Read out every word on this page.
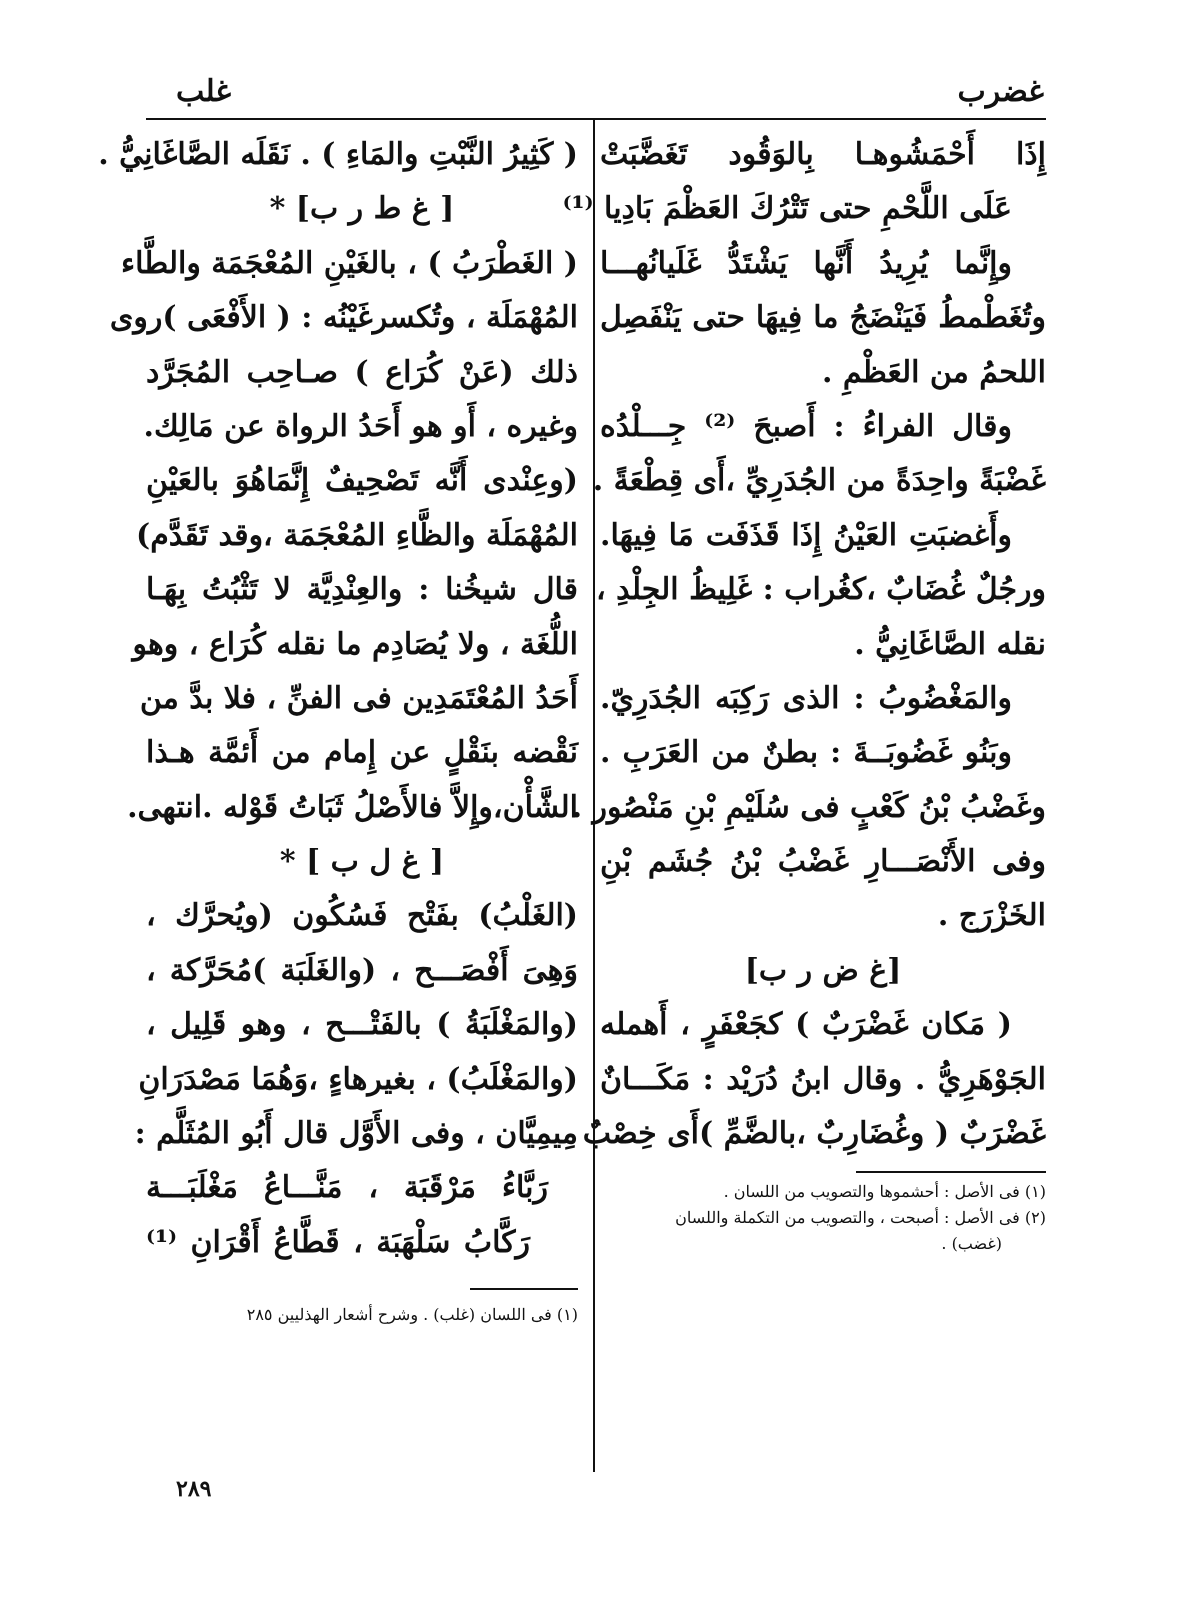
غضرب
غلب
إِذَا أَحْمَشُوهـا بِالوَقُود تَغَضَّبَتْ
عَلَى اللَّحْمِ حتى تَتْرُكَ العَظْمَ بَادِيا ⁽¹⁾
وإِنَّما يُرِيدُ أَنَّها يَشْتَدُّ غَلَيانُهـــا
وتُغَطْمطُ فَيَنْضَجُ ما فِيهَا حتى يَنْفَصِل
اللحمُ من العَظْمِ .
وقال الفراءُ : أَصبحَ ⁽²⁾ جِـــلْدُه
غَضْبَةً واحِدَةً من الجُدَرِيِّ ،أَى قِطْعَةً .
وأَغضبَتِ العَيْنُ إِذَا قَذَفَت مَا فِيهَا.
ورجُلٌ غُضَابٌ ،كغُراب : غَلِيظُ الجِلْدِ ،
نقله الصَّاغَانِيُّ .
والمَغْضُوبُ : الذى رَكِبَه الجُدَرِيّ.
وبَنُو غَضُوبَــةَ : بطنٌ من العَرَبِ .
وغَضْبُ بْنُ كَعْبٍ فى سُلَيْمِ بْنِ مَنْصُور .
وفى الأَنْصَـــارِ غَضْبُ بْنُ جُشَم بْنِ
الخَزْرَج .
[غ ض ر ب]
( مَكان غَضْرَبٌ ) كجَعْفَرٍ ، أَهمله
الجَوْهَرِيُّ . وقال ابنُ دُرَيْد : مَكَـــانٌ
غَضْرَبٌ ( وغُضَارِبٌ ،بالضَّمِّ )أَى خِصْبٌ
(١) فى الأصل : أحشموها والتصويب من اللسان .
(٢) فى الأصل : أصبحت ، والتصويب من التكملة واللسان
(غضب) .
( كَثِيرُ النَّبْتِ والمَاءِ ) . نَقَلَه الصَّاغَانِيُّ .
[ غ ط ر ب] *
( الغَطْرَبُ ) ، بالغَيْنِ المُعْجَمَة والطَّاء
المُهْمَلَة ، وتُكسرغَيْنُه : ( الأَفْعَى )روى
ذلك (عَنْ كُرَاع ) صـاحِب المُجَرَّد
وغيره ، أَو هو أَحَدُ الرواة عن مَالِك.
(وعِنْدى أَنَّه تَصْحِيفٌ إِنَّمَاهُوَ بالعَيْنِ
المُهْمَلَة والظَّاءِ المُعْجَمَة ،وقد تَقَدَّم)
قال شيخُنا : والعِنْدِيَّة لا تَثْبُتُ بِهَـا
اللُّغَة ، ولا يُصَادِم ما نقله كُرَاع ، وهو
أَحَدُ المُعْتَمَدِين فى الفنِّ ، فلا بدَّ من
نَقْضه بنَقْلٍ عن إِمام من أَئمَّة هـذا
الشَّأْن،وإِلاَّ فالأَصْلُ ثَبَاتُ قَوْله .انتهى.
[ غ ل ب ] *
(الغَلْبُ) بفَتْح فَسُكُون (ويُحرَّك ،
وَهِىَ أَفْصَـــح ، (والغَلَبَة )مُحَرَّكة ،
(والمَغْلَبَةُ ) بالفَتْـــح ، وهو قَلِيل ،
(والمَغْلَبُ) ، بغيرهاءٍ ،وَهُمَا مَصْدَرَانِ
مِيمِيَّان ، وفى الأَوَّل قال أَبُو المُثَلَّم :
رَبَّاءُ مَرْقَبَة ، مَنَّـــاعُ مَغْلَبَـــة
رَكَّابُ سَلْهَبَة ، قَطَّاعُ أَقْرَانِ ⁽¹⁾
(١) فى اللسان (غلب) . وشرح أشعار الهذليين ٢٨٥
٢٨٩
